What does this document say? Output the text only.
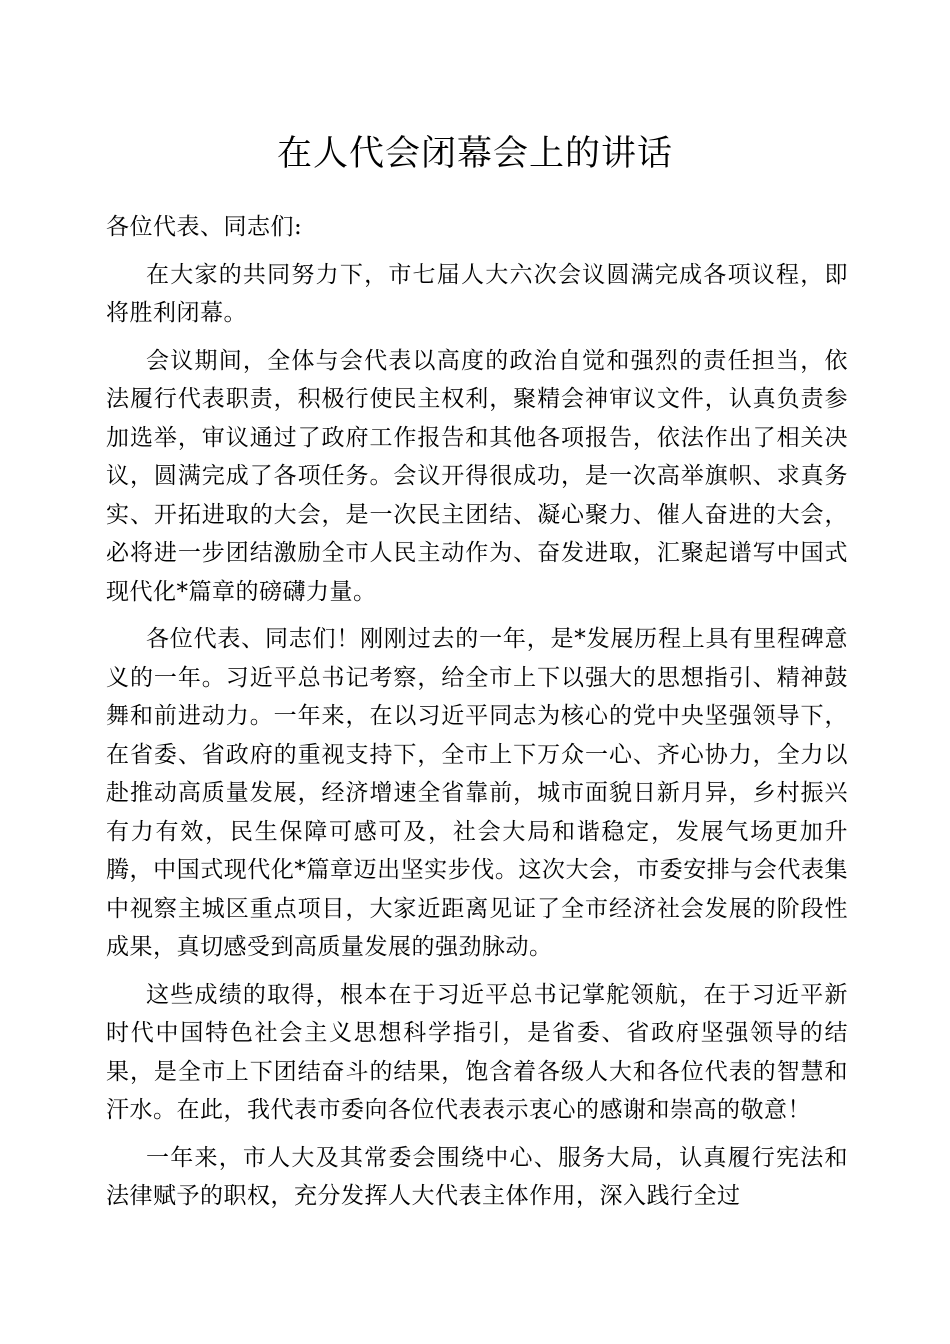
在人代会闭幕会上的讲话

各位代表、同志们:

在大家的共同努力下，市七届人大六次会议圆满完成各项议程，即将胜利闭幕。

会议期间，全体与会代表以高度的政治自觉和强烈的责任担当，依法履行代表职责，积极行使民主权利，聚精会神审议文件，认真负责参加选举，审议通过了政府工作报告和其他各项报告，依法作出了相关决议，圆满完成了各项任务。会议开得很成功，是一次高举旗帜、求真务实、开拓进取的大会，是一次民主团结、凝心聚力、催人奋进的大会，必将进一步团结激励全市人民主动作为、奋发进取，汇聚起谱写中国式现代化*篇章的磅礴力量。

各位代表、同志们！刚刚过去的一年，是*发展历程上具有里程碑意义的一年。习近平总书记考察，给全市上下以强大的思想指引、精神鼓舞和前进动力。一年来，在以习近平同志为核心的党中央坚强领导下，在省委、省政府的重视支持下，全市上下万众一心、齐心协力，全力以赴推动高质量发展，经济增速全省靠前，城市面貌日新月异，乡村振兴有力有效，民生保障可感可及，社会大局和谐稳定，发展气场更加升腾，中国式现代化*篇章迈出坚实步伐。这次大会，市委安排与会代表集中视察主城区重点项目，大家近距离见证了全市经济社会发展的阶段性成果，真切感受到高质量发展的强劲脉动。

这些成绩的取得，根本在于习近平总书记掌舵领航，在于习近平新时代中国特色社会主义思想科学指引，是省委、省政府坚强领导的结果，是全市上下团结奋斗的结果，饱含着各级人大和各位代表的智慧和汗水。在此，我代表市委向各位代表表示衷心的感谢和崇高的敬意！

一年来，市人大及其常委会围绕中心、服务大局，认真履行宪法和法律赋予的职权，充分发挥人大代表主体作用，深入践行全过
